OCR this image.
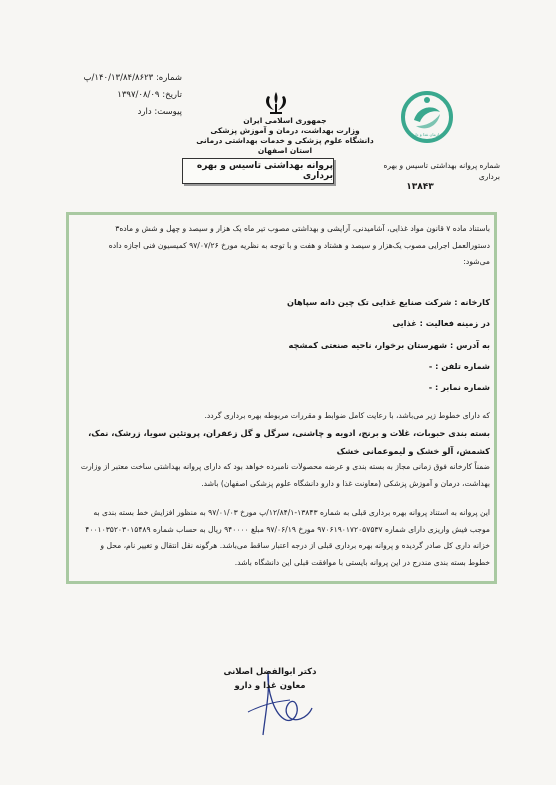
شماره: ۱۴۰/۱۳/۸۴/۸۶۲۳/پ
تاریخ: ۱۳۹۷/۰۸/۰۹
پیوست: دارد
جمهوری اسلامی ایران
وزارت بهداشت، درمان و آموزش پزشکی
دانشگاه علوم پزشکی و خدمات بهداشتی درمانی استان اصفهان
سازمان غذا و دارو
شماره پروانه بهداشتی تاسیس و بهره برداری
۱۳۸۴۳
پروانه بهداشتی تاسیس و بهره برداری
باستناد ماده ۷ قانون مواد غذایی، آشامیدنی، آرایشی و بهداشتی مصوب تیر ماه یک هزار و سیصد و چهل و شش و ماده۳ دستورالعمل اجرایی مصوب یک‌هزار و سیصد و هشتاد و هفت و با توجه به نظریه مورخ ۹۷/۰۷/۲۶ کمیسیون فنی اجازه داده می‌شود:
کارخانه : شرکت صنایع غذایی تک چین دانه سپاهان
در زمینه فعالیت : غذایی
به آدرس : شهرستان برخوار، ناحیه صنعتی کمشچه
شماره تلفن : -
شماره نمابر : -
که دارای خطوط زیر می‌باشد، با رعایت کامل ضوابط و مقررات مربوطه بهره برداری گردد.
بسته بندی حبوبات، غلات و برنج، ادویه و چاشنی، سرگل و گل زعفران، پروتئین سویا، زرشک، نمک، کشمش، آلو خشک و لیموعمانی خشک
ضمناً کارخانه فوق زمانی مجاز به بسته بندی و عرضه محصولات نامبرده خواهد بود که دارای پروانه بهداشتی ساخت معتبر از وزارت بهداشت، درمان و آموزش پزشکی (معاونت غذا و دارو دانشگاه علوم پزشکی اصفهان) باشد.
این پروانه به استناد پروانه بهره برداری قبلی به شماره ۱۳۸۴۳-۱۲/۸۴/۱/پ مورخ ۹۷/۰۱/۰۳ به منظور افزایش خط بسته بندی به موجب فیش واریزی دارای شماره ۹۷۰۶۱۹۰۱۷۲۰۵۷۵۳۷ مورخ ۹۷/۰۶/۱۹ مبلغ ۹۴۰۰۰۰ ریال به حساب شماره ۴۰۰۱۰۳۵۲۰۳۰۱۵۴۸۹ خزانه داری کل صادر گردیده و پروانه بهره برداری قبلی از درجه اعتبار ساقط می‌باشد. هرگونه نقل انتقال و تغییر نام، محل و خطوط بسته بندی مندرج در این پروانه بایستی با موافقت قبلی این دانشگاه باشد.
دکتر ابوالفضل اصلانی
معاون غذا و دارو
